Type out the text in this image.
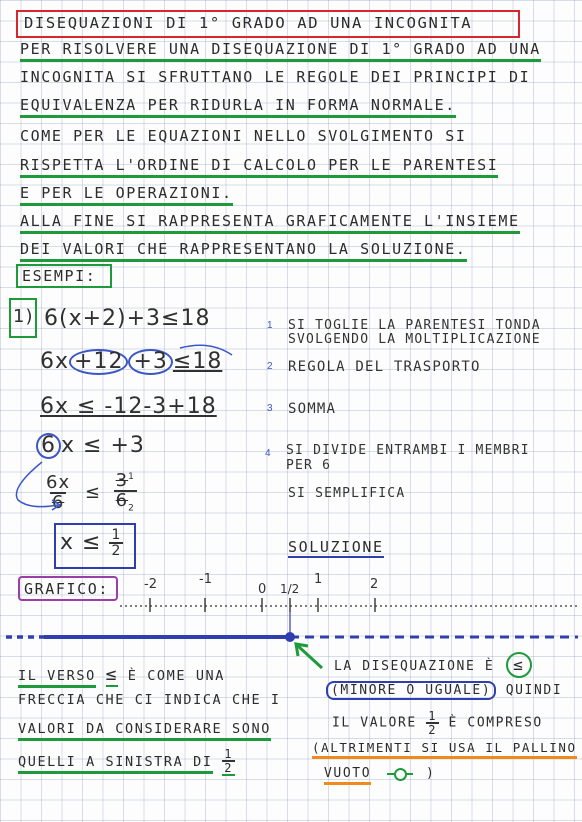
DISEQUAZIONI DI 1° GRADO AD UNA INCOGNITA
PER RISOLVERE UNA DISEQUAZIONE DI 1° GRADO AD UNA
INCOGNITA SI SFRUTTANO LE REGOLE DEI PRINCIPI DI
EQUIVALENZA PER RIDURLA IN FORMA NORMALE.
COME PER LE EQUAZIONI NELLO SVOLGIMENTO SI
RISPETTA L'ORDINE DI CALCOLO PER LE PARENTESI
E PER LE OPERAZIONI.
ALLA FINE SI RAPPRESENTA GRAFICAMENTE L'INSIEME
DEI VALORI CHE RAPPRESENTANO LA SOLUZIONE.
ESEMPI:
1) 6(x+2)+3≤18
6x +12 +3 ≤18
6x ≤ -12-3+18
6 x ≤ +3
$\frac{6x}{6} \le \frac{3^1}{6_2}$
$x \le \frac{1}{2}$
1 SI TOGLIE LA PARENTESI TONDA
SVOLGENDO LA MOLTIPLICAZIONE
2 REGOLA DEL TRASPORTO
3 SOMMA
4 SI DIVIDE ENTRAMBI I MEMBRI
PER 6
SI SEMPLIFICA
SOLUZIONE
GRAFICO:	-2	-1
0 1/2
1	2
IL VERSO ≤ È COME UNA
FRECCIA CHE CI INDICA CHE I
VALORI DA CONSIDERARE SONO
QUELLI A SINISTRA DI $\frac{1}{2}$
LA DISEQUAZIONE È ≤
(MINORE O UGUALE) QUINDI
IL VALORE $\frac{1}{2}$ È COMPRESO
(ALTRIMENTI SI USA IL PALLINO
VUOTO	)
